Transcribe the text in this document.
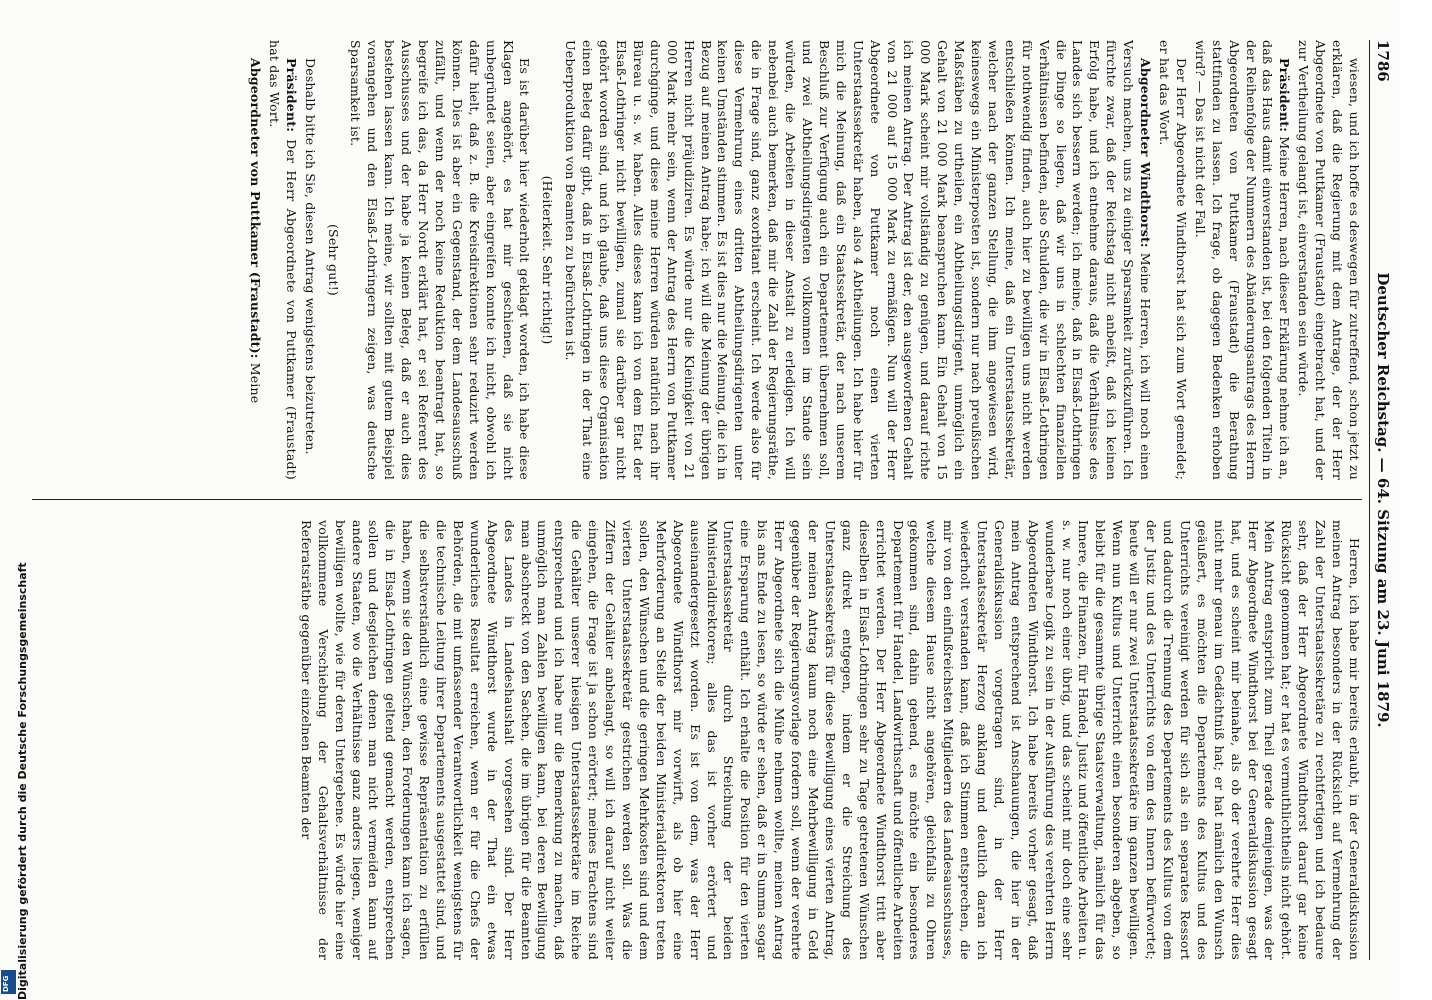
1786
Deutscher Reichstag. — 64. Sitzung am 23. Juni 1879.

wiesen, und ich hoffe es deswegen für zutreffend, schon jetzt zu erklären, daß die Regierung mit dem Antrage, der der Herr Abgeordnete von Puttkamer (Fraustadt) eingebracht hat, und der zur Vertheilung gelangt ist, einverstanden sein würde.

Präsident: Meine Herren, nach dieser Erklärung nehme ich an, daß das Haus damit einverstanden ist, bei den folgenden Titeln in der Reihenfolge der Nummern des Abänderungsantrags des Herrn Abgeordneten von Puttkamer (Fraustadt) die Berathung stattfinden zu lassen. Ich frage, ob dagegen Bedenken erhoben wird? — Das ist nicht der Fall.

Der Herr Abgeordnete Windthorst hat sich zum Wort gemeldet; er hat das Wort.

Abgeordneter Windthorst: Meine Herren, ich will noch einen Versuch machen, uns zu einiger Sparsamkeit zurückzuführen. Ich fürchte zwar, daß der Reichstag nicht anbeißt, daß ich keinen Erfolg habe, und ich entnehme daraus, daß die Verhältnisse des Landes sich bessern werden; ich meine, daß in Elsaß-Lothringen die Dinge so liegen, daß wir uns in schlechten finanziellen Verhältnissen befinden, also Schulden, die wir in Elsaß-Lothringen für nothwendig finden, auch hier zu bewilligen uns nicht werden entschließen können. Ich meine, daß ein Unterstaatssekretär, welcher nach der ganzen Stellung, die ihm angewiesen wird, keineswegs ein Ministerposten ist, sondern nur nach preußischen Maßstäben zu urtheilen, ein Abtheilungsdirigent, unmöglich ein Gehalt von 21 000 Mark beanspruchen kann. Ein Gehalt von 15 000 Mark scheint mir vollständig zu genügen, und darauf richte ich meinen Antrag. Der Antrag ist der, den ausgeworfenen Gehalt von 21 000 auf 15 000 Mark zu ermäßigen. Nun will der Herr Abgeordnete von Puttkamer noch einen vierten Unterstaatssekretär haben, also 4 Abtheilungen. Ich habe hier für mich die Meinung, daß ein Staatssekretär, der nach unserem Beschluß zur Verfügung auch ein Departement übernehmen soll, und zwei Abtheilungsdirigenten vollkommen im Stande sein würden, die Arbeiten in dieser Anstalt zu erledigen. Ich will nebenbei auch bemerken, daß mir die Zahl der Regierungsräthe, die in Frage sind, ganz exorbitant erscheint. Ich werde also für diese Vermehrung eines dritten Abtheilungsdirigenten unter keinen Umständen stimmen. Es ist dies nur die Meinung, die ich in Bezug auf meinen Antrag habe; ich will die Meinung der übrigen Herren nicht präjudiziren. Es würde nur die Kleinigkeit von 21 000 Mark mehr sein, wenn der Antrag des Herrn von Puttkamer durchginge, und diese meine Herren würden natürlich nach ihr Büreau u. s. w. haben. Alles dieses kann ich von dem Etat der Elsaß-Lothringer nicht bewilligen, zumal sie darüber gar nicht gehört worden sind, und ich glaube, daß uns diese Organisation einen Beleg dafür gibt, daß in Elsaß-Lothringen in der That eine Ueberproduktion von Beamten zu befürchten ist.

(Heiterkeit. Sehr richtig!)

Es ist darüber hier wiederholt geklagt worden, ich habe diese Klagen angehört, es hat mir geschienen, daß sie nicht unbegründet seien, aber eingreifen konnte ich nicht, obwohl ich dafür hielt, daß z. B. die Kreisdirektionen sehr reduzirt werden können. Dies ist aber ein Gegenstand, der dem Landesausschuß zufällt, und wenn der noch keine Reduktion beantragt hat, so begreife ich das, da Herr Nordt erklärt hat, er sei Referent des Ausschusses und der habe ja keinen Beleg, daß er auch dies bestehen lassen kann. Ich meine, wir sollten mit gutem Beispiel vorangehen und den Elsaß-Lothringern zeigen, was deutsche Sparsamkeit ist.

(Sehr gut!)

Deshalb bitte ich Sie, diesen Antrag wenigstens beizutreten.

Präsident: Der Herr Abgeordnete von Puttkamer (Fraustadt) hat das Wort.

Abgeordneter von Puttkamer (Fraustadt): Meine

Herren, ich habe mir bereits erlaubt, in der Generaldiskussion meinen Antrag besonders in der Rücksicht auf Vermehrung der Zahl der Unterstaatssekretäre zu rechtfertigen und ich bedaure sehr, daß der Herr Abgeordnete Windthorst darauf gar keine Rücksicht genommen hat; er hat es vermuthlichtheils nicht gehört. Mein Antrag entspricht zum Theil gerade demjenigen, was der Herr Abgeordnete Windthorst bei der Generaldiskussion gesagt hat, und es scheint mir beinahe, als ob der verehrte Herr dies nicht mehr genau im Gedächtniß hat; er hat nämlich den Wunsch geäußert, es möchten die Departements des Kultus und des Unterrichts vereinigt werden für sich als ein separates Ressort und dadurch die Trennung des Departements des Kultus von dem der Justiz und des Unterrichts von dem des Innern befürwortet; heute will er nur zwei Unterstaatssekretäre im ganzen bewilligen. Wenn nun Kultus und Unterricht einen besonderen abgeben, so bleibt für die gesammte übrige Staatsverwaltung, nämlich für das Innere, die Finanzen, für Handel, Justiz und öffentliche Arbeiten u. s. w. nur noch einer übrig, und das scheint mir doch eine sehr wunderbare Logik zu sein in der Ausführung des verehrten Herrn Abgeordneten Windthorst. Ich habe bereits vorher gesagt, daß mein Antrag entsprechend ist Anschauungen, die hier in der Generaldiskussion vorgetragen sind, in der Herr Unterstaatssekretär Herzog anklang und deutlich daran ich wiederholt verstanden kann, daß ich Stimmen entsprechen, die mir von den einflußreichsten Mitgliedern des Landesausschusses, welche diesem Hause nicht angehören, gleichfalls zu Ohren gekommen sind, dahin gehend, es möchte ein besonderes Departement für Handel, Landwirthschaft und öffentliche Arbeiten errichtet werden. Der Herr Abgeordnete Windthorst tritt aber dieselben in Elsaß-Lothringen sehr zu Tage getretenen Wünschen ganz direkt entgegen, indem er die Streichung des Unterstaatssekretärs für diese Bewilligung eines vierten Antrag, der meinen Antrag kaum noch eine Mehrbewilligung in Geld gegenüber der Regierungsvorlage fordern soll, wenn der verehrte Herr Abgeordnete sich die Mühe nehmen wollte, meinen Antrag bis ans Ende zu lesen, so würde er sehen, daß er in Summa sogar eine Ersparung enthält. Ich erhalte die Position für den vierten Unterstaatssekretär durch Streichung der beiden Ministerialdirektoren; alles das ist vorher erörtert und auseinandergesetzt worden. Es ist von dem, was der Herr Abgeordnete Windthorst mir vorwirft, als ob hier eine Mehrforderung an Stelle der beiden Ministerialdirektoren treten sollen, den Wünschen und die geringen Mehrkosten sind und dem vierten Unterstaatssekretär gestrichen werden soll. Was die Ziffern der Gehälter anbelangt, so will ich darauf nicht weiter eingehen, die Frage ist ja schon erörtert; meines Erachtens sind die Gehälter unserer hiesigen Unterstaatssekretäre im Reiche entsprechend und ich habe nur die Bemerkung zu machen, daß unmöglich man Zahlen bewilligen kann, bei deren Bewilligung man abschreckt von den Sachen, die im übrigen für die Beamten des Landes in Landeshaushalt vorgesehen sind. Der Herr Abgeordnete Windthorst wurde in der That ein etwas wunderliches Resultat erreichen, wenn er für die Chefs der Behörden, die mit umfassender Verantwortlichkeit wenigstens für die technische Leitung ihrer Departements ausgestattet sind, und die selbstverständlich eine gewisse Repräsentation zu erfüllen haben, wenn sie den Wünschen, den Forderungen kann ich sagen, die in Elsaß-Lothringen geltend gemacht werden, entsprechen sollen und desgleichen denen man nicht vermeiden kann auf andere Staaten, wo die Verhältnisse ganz anders liegen, weniger bewilligen wollte, wie für deren Untergebene. Es würde hier eine vollkommene Verschiebung der Gehaltsverhältnisse der Referatsräthe gegenüber einzelnen Beamten der

Digitalisierung gefördert durch die Deutsche Forschungsgemeinschaft
DFG
